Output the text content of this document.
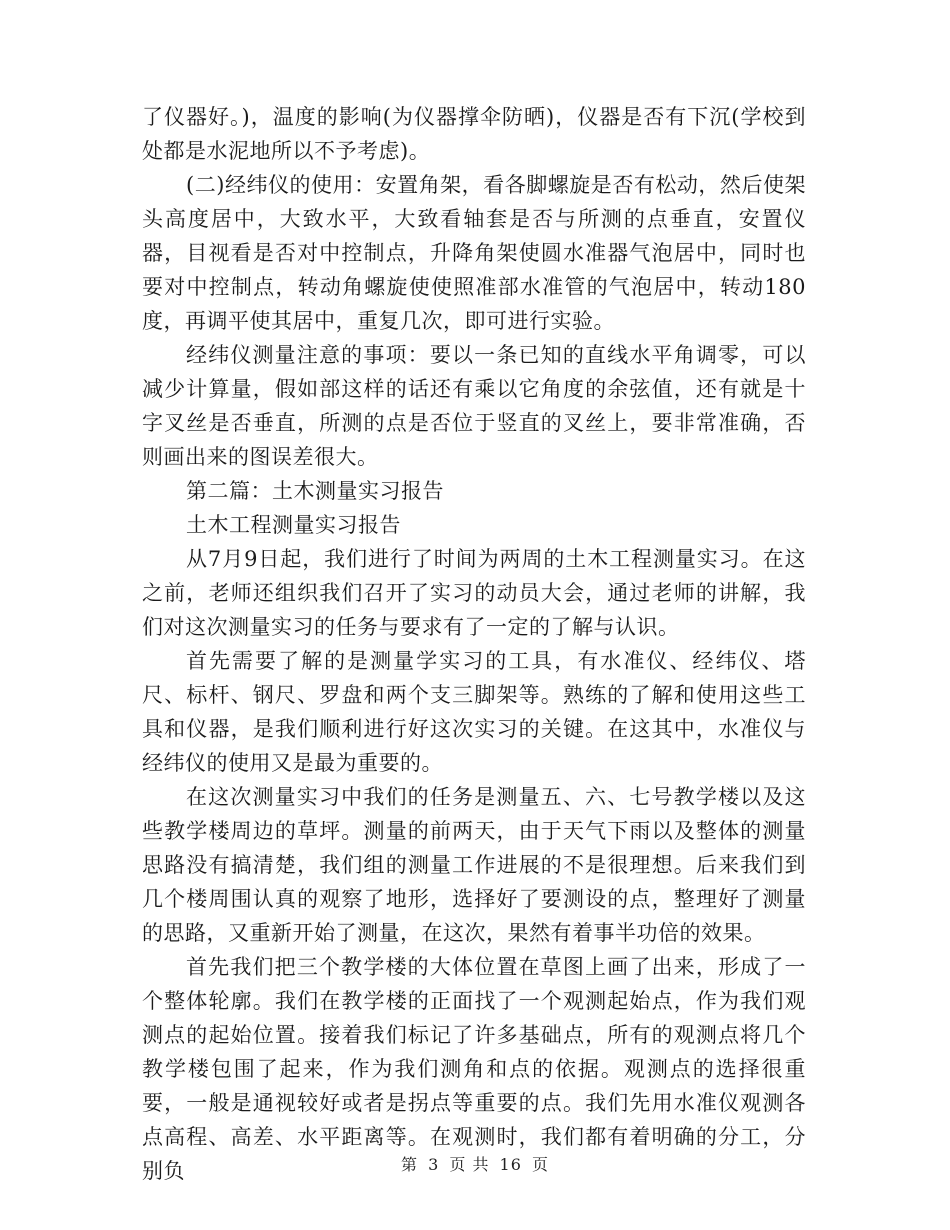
了仪器好。)，温度的影响(为仪器撑伞防晒)，仪器是否有下沉(学校到处都是水泥地所以不予考虑)。

(二)经纬仪的使用：安置角架，看各脚螺旋是否有松动，然后使架头高度居中，大致水平，大致看轴套是否与所测的点垂直，安置仪器，目视看是否对中控制点，升降角架使圆水准器气泡居中，同时也要对中控制点，转动角螺旋使使照准部水准管的气泡居中，转动180度，再调平使其居中，重复几次，即可进行实验。

经纬仪测量注意的事项：要以一条已知的直线水平角调零，可以减少计算量，假如部这样的话还有乘以它角度的余弦值，还有就是十字叉丝是否垂直，所测的点是否位于竖直的叉丝上，要非常准确，否则画出来的图误差很大。

第二篇：土木测量实习报告

土木工程测量实习报告

从7月9日起，我们进行了时间为两周的土木工程测量实习。在这之前，老师还组织我们召开了实习的动员大会，通过老师的讲解，我们对这次测量实习的任务与要求有了一定的了解与认识。

首先需要了解的是测量学实习的工具，有水准仪、经纬仪、塔尺、标杆、钢尺、罗盘和两个支三脚架等。熟练的了解和使用这些工具和仪器，是我们顺利进行好这次实习的关键。在这其中，水准仪与经纬仪的使用又是最为重要的。

在这次测量实习中我们的任务是测量五、六、七号教学楼以及这些教学楼周边的草坪。测量的前两天，由于天气下雨以及整体的测量思路没有搞清楚，我们组的测量工作进展的不是很理想。后来我们到几个楼周围认真的观察了地形，选择好了要测设的点，整理好了测量的思路，又重新开始了测量，在这次，果然有着事半功倍的效果。

首先我们把三个教学楼的大体位置在草图上画了出来，形成了一个整体轮廓。我们在教学楼的正面找了一个观测起始点，作为我们观测点的起始位置。接着我们标记了许多基础点，所有的观测点将几个教学楼包围了起来，作为我们测角和点的依据。观测点的选择很重要，一般是通视较好或者是拐点等重要的点。我们先用水准仪观测各点高程、高差、水平距离等。在观测时，我们都有着明确的分工，分别负	第 3 页 共 16 页
